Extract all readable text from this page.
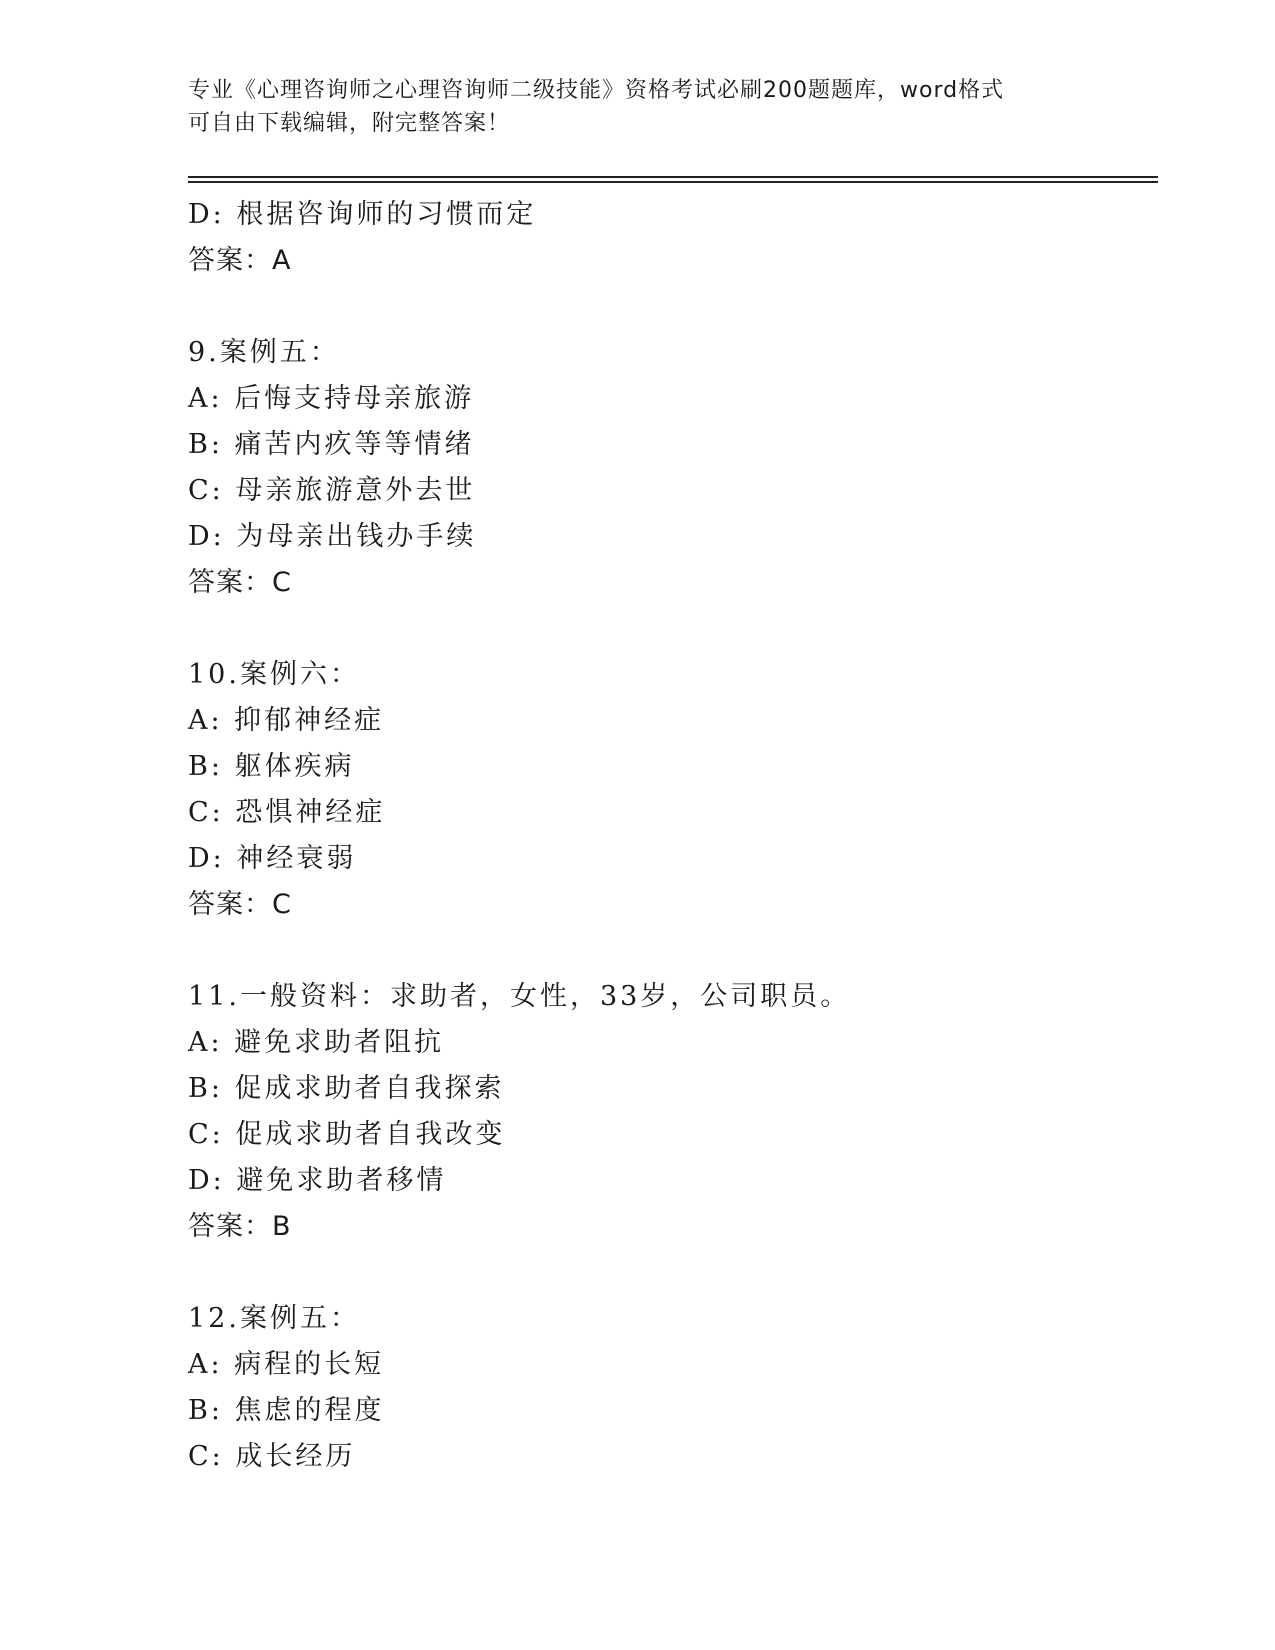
专业《心理咨询师之心理咨询师二级技能》资格考试必刷200题题库，word格式
可自由下载编辑，附完整答案！
D: 根据咨询师的习惯而定
答案：A
9.案例五：
A: 后悔支持母亲旅游
B: 痛苦内疚等等情绪
C: 母亲旅游意外去世
D: 为母亲出钱办手续
答案：C
10.案例六：
A: 抑郁神经症
B: 躯体疾病
C: 恐惧神经症
D: 神经衰弱
答案：C
11.一般资料：求助者，女性，33岁，公司职员。
A: 避免求助者阻抗
B: 促成求助者自我探索
C: 促成求助者自我改变
D: 避免求助者移情
答案：B
12.案例五：
A: 病程的长短
B: 焦虑的程度
C: 成长经历
